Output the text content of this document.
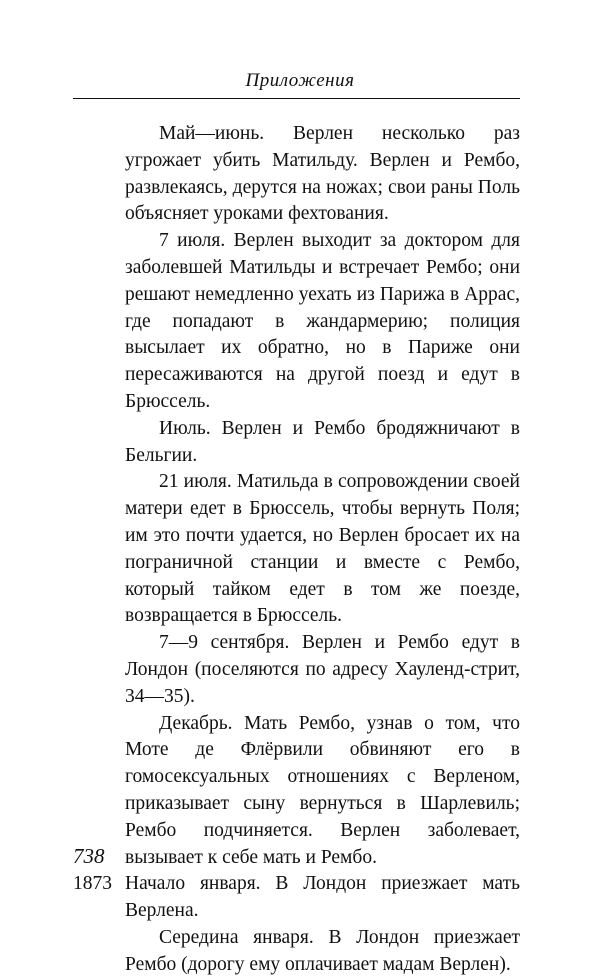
Приложения

Май—июнь. Верлен несколько раз угрожает убить Матильду. Верлен и Рембо, развлекаясь, дерутся на ножах; свои раны Поль объясняет уроками фехтования.

7 июля. Верлен выходит за доктором для заболевшей Матильды и встречает Рембо; они решают немедленно уехать из Парижа в Аррас, где попадают в жандармерию; полиция высылает их обратно, но в Париже они пересаживаются на другой поезд и едут в Брюссель.

Июль. Верлен и Рембо бродяжничают в Бельгии.

21 июля. Матильда в сопровождении своей матери едет в Брюссель, чтобы вернуть Поля; им это почти удается, но Верлен бросает их на пограничной станции и вместе с Рембо, который тайком едет в том же поезде, возвращается в Брюссель.

7—9 сентября. Верлен и Рембо едут в Лондон (поселяются по адресу Хауленд-стрит, 34—35).

Декабрь. Мать Рембо, узнав о том, что Моте де Флёрвили обвиняют его в гомосексуальных отношениях с Верленом, приказывает сыну вернуться в Шарлевиль; Рембо подчиняется. Верлен заболевает, вызывает к себе мать и Рембо.

1873 Начало января. В Лондон приезжает мать Верлена.

Середина января. В Лондон приезжает Рембо (дорогу ему оплачивает мадам Верлен).

738
